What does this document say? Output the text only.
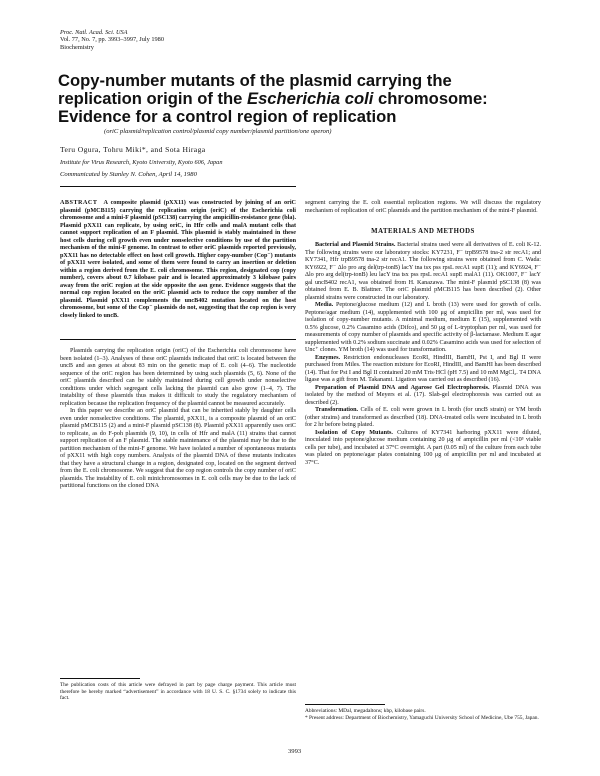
Proc. Natl. Acad. Sci. USA
Vol. 77, No. 7, pp. 3993–3997, July 1980
Biochemistry
Copy-number mutants of the plasmid carrying the replication origin of the Escherichia coli chromosome: Evidence for a control region of replication
(oriC plasmid/replication control/plasmid copy number/plasmid partition/one operon)
Teru Ogura, Tohru Miki*, and Sota Hiraga
Institute for Virus Research, Kyoto University, Kyoto 606, Japan
Communicated by Stanley N. Cohen, April 14, 1980

ABSTRACT A composite plasmid (pXX11) was constructed by joining of an oriC plasmid (pMCB115) carrying the replication origin (oriC) of the Escherichia coli chromosome and a mini-F plasmid (pSC138) carrying the ampicillin-resistance gene (bla). Plasmid pXX11 can replicate, by using oriC, in Hfr cells and malA mutant cells that cannot support replication of an F plasmid. This plasmid is stably maintained in these host cells during cell growth even under nonselective conditions by use of the partition mechanism of the mini-F genome. In contrast to other oriC plasmids reported previously, pXX11 has no detectable effect on host cell growth. Higher copy-number (Cop⁻) mutants of pXX11 were isolated, and some of them were found to carry an insertion or deletion within a region derived from the E. coli chromosome. This region, designated cop (copy number), covers about 0.7 kilobase pair and is located approximately 3 kilobase pairs away from the oriC region at the side opposite the asn gene. Evidence suggests that the normal cop region located on the oriC plasmid acts to reduce the copy number of the plasmid. Plasmid pXX11 complements the uncB402 mutation located on the host chromosome, but some of the Cop⁻ plasmids do not, suggesting that the cop region is very closely linked to uncB.

Plasmids carrying the replication origin (oriC) of the Escherichia coli chromosome have been isolated (1–3). Analyses of these oriC plasmids indicated that oriC is located between the uncB and asn genes at about 83 min on the genetic map of E. coli (4–6). The nucleotide sequence of the oriC region has been determined by using such plasmids (5, 6). None of the oriC plasmids described can be stably maintained during cell growth under nonselective conditions under which segregant cells lacking the plasmid can also grow (1–4, 7). The instability of these plasmids thus makes it difficult to study the regulatory mechanism of replication because the replication frequency of the plasmid cannot be measured accurately.

In this paper we describe an oriC plasmid that can be inherited stably by daughter cells even under nonselective conditions. The plasmid, pXX11, is a composite plasmid of an oriC plasmid pMCB115 (2) and a mini-F plasmid pSC138 (8). Plasmid pXX11 apparently uses oriC to replicate, as do F-poh plasmids (9, 10), in cells of Hfr and malA (11) strains that cannot support replication of an F plasmid. The stable maintenance of the plasmid may be due to the partition mechanism of the mini-F genome. We have isolated a number of spontaneous mutants of pXX11 with high copy numbers. Analysis of the plasmid DNA of these mutants indicates that they have a structural change in a region, designated cop, located on the segment derived from the E. coli chromosome. We suggest that the cop region controls the copy number of oriC plasmids. The instability of E. coli minichromosomes in E. coli cells may be due to the lack of partitional functions on the cloned DNA

The publication costs of this article were defrayed in part by page charge payment. This article must therefore be hereby marked “advertisement” in accordance with 18 U. S. C. §1734 solely to indicate this fact.

segment carrying the E. coli essential replication regions. We will discuss the regulatory mechanism of replication of oriC plasmids and the partition mechanism of the mini-F plasmid.

MATERIALS AND METHODS

Bacterial and Plasmid Strains. Bacterial strains used were all derivatives of E. coli K-12. The following strains were our laboratory stocks: KY7231, F⁻ trpB9578 tna-2 str recA1; and KY7341, Hfr trpB9578 tna-2 str recA1. The following strains were obtained from C. Wada: KY6922, F⁻ Δlo pro arg del(trp-tonB) lacY tna tsx pss rpsL recA1 supE (11); and KY6924, F⁻ Δlo pro arg del(trp-tonB) leu lacY tna tsx pss rpsL recA1 supE malA1 (11). OK1007, F⁻ lacY gal uncB402 recA1, was obtained from H. Kanazawa. The mini-F plasmid pSC138 (8) was obtained from E. B. Blattner. The oriC plasmid pMCB115 has been described (2). Other plasmid strains were constructed in our laboratory.

Media. Peptone/glucose medium (12) and L broth (13) were used for growth of cells. Peptone/agar medium (14), supplemented with 100 μg of ampicillin per ml, was used for isolation of copy-number mutants. A minimal medium, medium E (15), supplemented with 0.5% glucose, 0.2% Casamino acids (Difco), and 50 μg of L-tryptophan per ml, was used for measurements of copy number of plasmids and specific activity of β-lactamase. Medium E agar supplemented with 0.2% sodium succinate and 0.02% Casamino acids was used for selection of Unc⁺ clones. YM broth (14) was used for transformation.

Enzymes. Restriction endonucleases EcoRI, HindIII, BamHI, Pst I, and Bgl II were purchased from Miles. The reaction mixture for EcoRI, HindIII, and BamHI has been described (14). That for Pst I and Bgl II contained 20 mM Tris·HCl (pH 7.5) and 10 mM MgCl₂. T4 DNA ligase was a gift from M. Takanami. Ligation was carried out as described (16).

Preparation of Plasmid DNA and Agarose Gel Electrophoresis. Plasmid DNA was isolated by the method of Meyers et al. (17). Slab-gel electrophoresis was carried out as described (2).

Transformation. Cells of E. coli were grown in L broth (for uncB strain) or YM broth (other strains) and transformed as described (18). DNA-treated cells were incubated in L broth for 2 hr before being plated.

Isolation of Copy Mutants. Cultures of KY7341 harboring pXX11 were diluted, inoculated into peptone/glucose medium containing 20 μg of ampicillin per ml (<10³ viable cells per tube), and incubated at 37°C overnight. A part (0.05 ml) of the culture from each tube was plated on peptone/agar plates containing 100 μg of ampicillin per ml and incubated at 37°C.

Abbreviations: MDal, megadaltons; kbp, kilobase pairs.
* Present address: Department of Biochemistry, Yamaguchi University School of Medicine, Ube 755, Japan.
3993
